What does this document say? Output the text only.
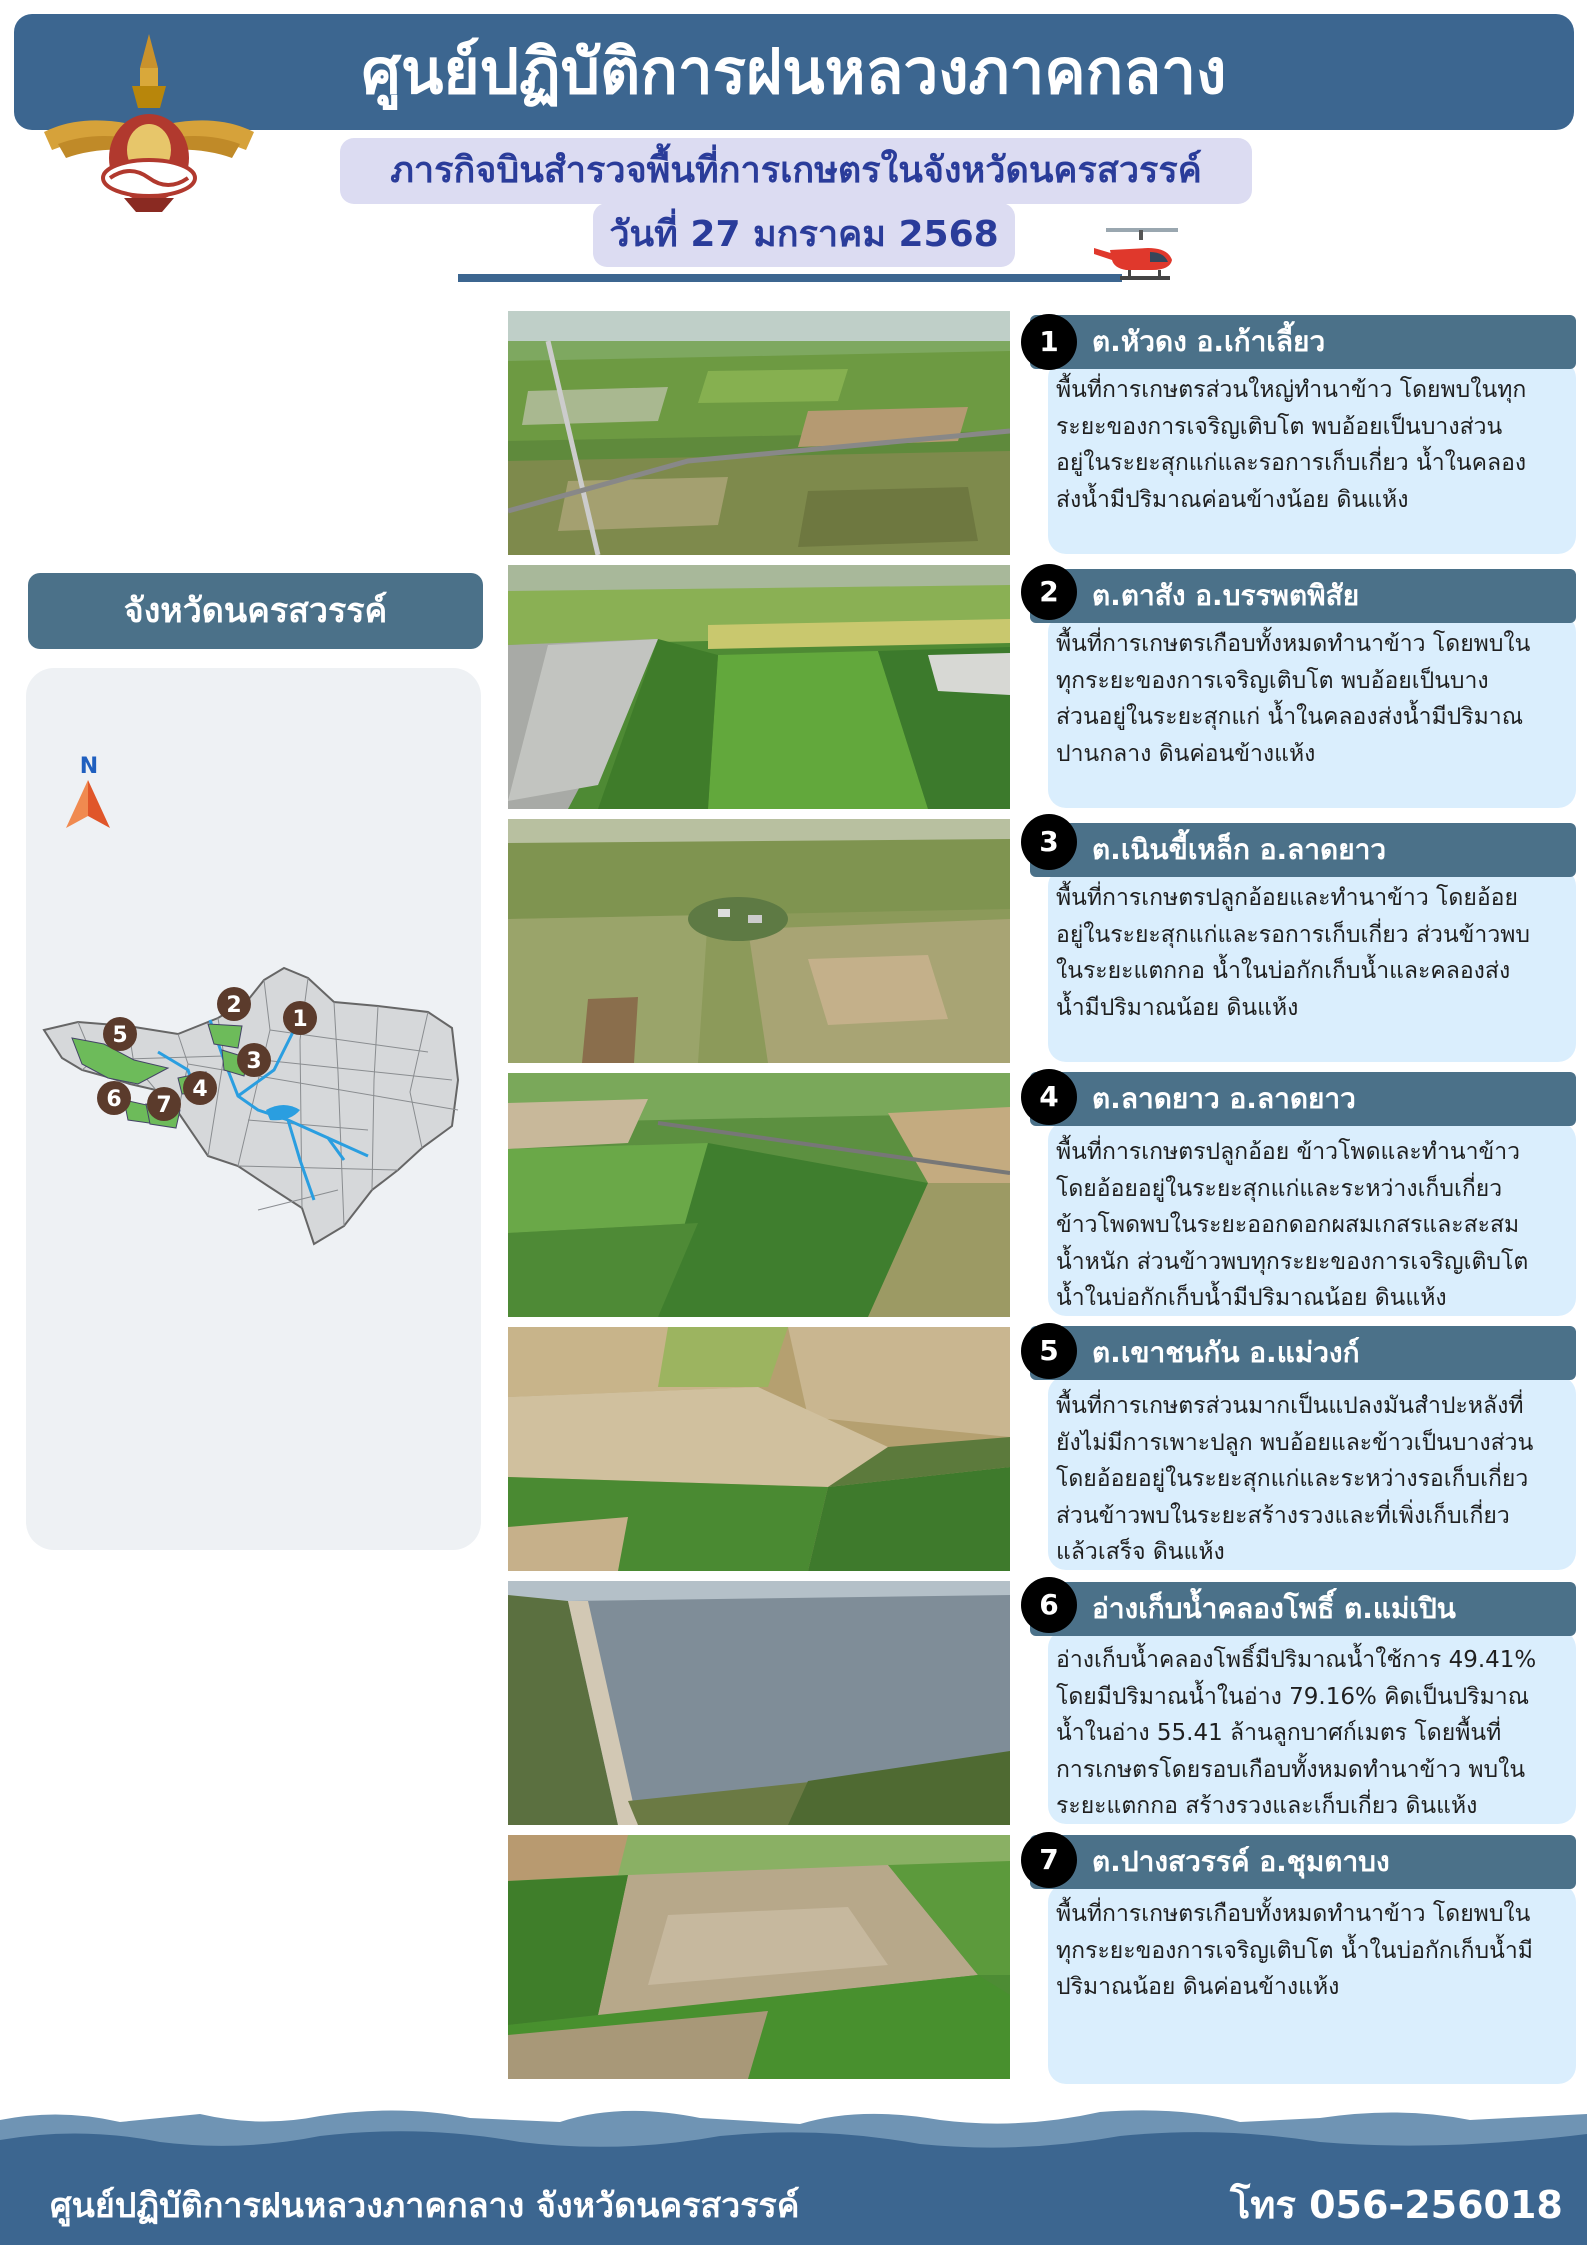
ศูนย์ปฏิบัติการฝนหลวงภาคกลาง
ภารกิจบินสำรวจพื้นที่การเกษตรในจังหวัดนครสวรรค์
วันที่ 27 มกราคม 2568
จังหวัดนครสวรรค์
N
1
2
3
4
5
6 7
พื้นที่การเกษตรส่วนใหญ่ทำนาข้าว โดยพบในทุก
ระยะของการเจริญเติบโต พบอ้อยเป็นบางส่วน
อยู่ในระยะสุกแก่และรอการเก็บเกี่ยว น้ำในคลอง
ส่งน้ำมีปริมาณค่อนข้างน้อย ดินแห้ง
ต.หัวดง อ.เก้าเลี้ยว
1
พื้นที่การเกษตรเกือบทั้งหมดทำนาข้าว โดยพบใน
ทุกระยะของการเจริญเติบโต พบอ้อยเป็นบาง
ส่วนอยู่ในระยะสุกแก่ น้ำในคลองส่งน้ำมีปริมาณ
ปานกลาง ดินค่อนข้างแห้ง
ต.ตาสัง อ.บรรพตพิสัย
2
พื้นที่การเกษตรปลูกอ้อยและทำนาข้าว โดยอ้อย
อยู่ในระยะสุกแก่และรอการเก็บเกี่ยว ส่วนข้าวพบ
ในระยะแตกกอ น้ำในบ่อกักเก็บน้ำและคลองส่ง
น้ำมีปริมาณน้อย ดินแห้ง
ต.เนินขี้เหล็ก อ.ลาดยาว
3
พื้นที่การเกษตรปลูกอ้อย ข้าวโพดและทำนาข้าว
โดยอ้อยอยู่ในระยะสุกแก่และระหว่างเก็บเกี่ยว
ข้าวโพดพบในระยะออกดอกผสมเกสรและสะสม
น้ำหนัก ส่วนข้าวพบทุกระยะของการเจริญเติบโต
น้ำในบ่อกักเก็บน้ำมีปริมาณน้อย ดินแห้ง
ต.ลาดยาว อ.ลาดยาว
4
พื้นที่การเกษตรส่วนมากเป็นแปลงมันสำปะหลังที่
ยังไม่มีการเพาะปลูก พบอ้อยและข้าวเป็นบางส่วน
โดยอ้อยอยู่ในระยะสุกแก่และระหว่างรอเก็บเกี่ยว
ส่วนข้าวพบในระยะสร้างรวงและที่เพิ่งเก็บเกี่ยว
แล้วเสร็จ ดินแห้ง
ต.เขาชนกัน อ.แม่วงก์
5
อ่างเก็บน้ำคลองโพธิ์มีปริมาณน้ำใช้การ 49.41%
โดยมีปริมาณน้ำในอ่าง 79.16% คิดเป็นปริมาณ
น้ำในอ่าง 55.41 ล้านลูกบาศก์เมตร โดยพื้นที่
การเกษตรโดยรอบเกือบทั้งหมดทำนาข้าว พบใน
ระยะแตกกอ สร้างรวงและเก็บเกี่ยว ดินแห้ง
อ่างเก็บน้ำคลองโพธิ์ ต.แม่เปิน
6
พื้นที่การเกษตรเกือบทั้งหมดทำนาข้าว โดยพบใน
ทุกระยะของการเจริญเติบโต น้ำในบ่อกักเก็บน้ำมี
ปริมาณน้อย ดินค่อนข้างแห้ง
ต.ปางสวรรค์ อ.ชุมตาบง
7
ศูนย์ปฏิบัติการฝนหลวงภาคกลาง จังหวัดนครสวรรค์	โทร 056-256018
